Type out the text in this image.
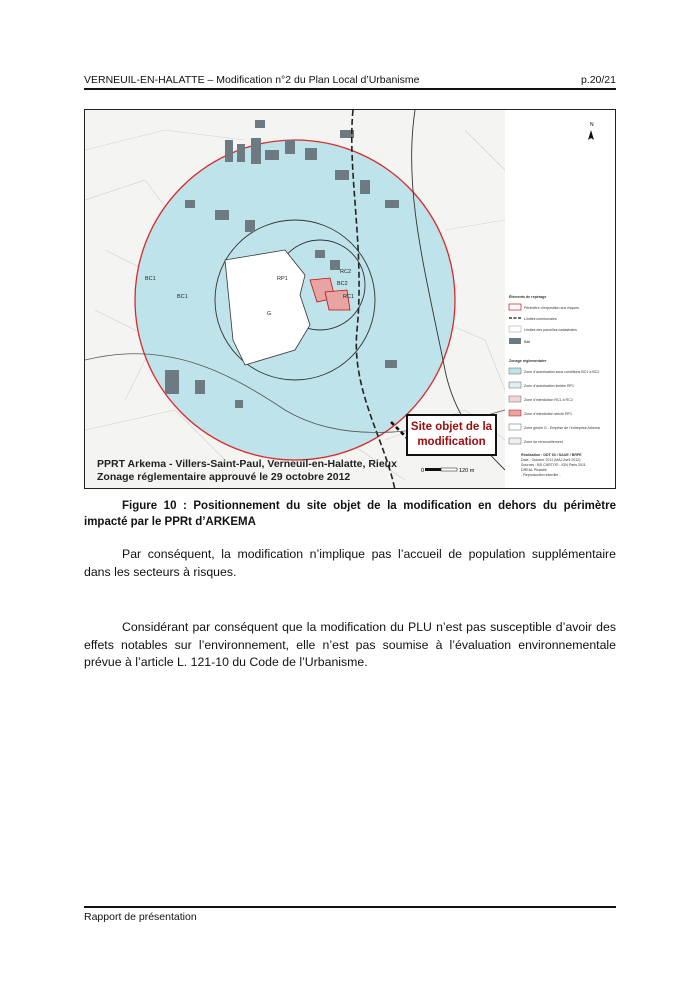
VERNEUIL-EN-HALATTE – Modification n°2 du Plan Local d’Urbanisme	p.20/21
G
BC1
BC2
RP1
RC1
RC2
BC1
0	120 m
N
Éléments de repérage
Périmètre d’exposition aux risques
Limites communales
Limites des parcelles cadastrales
Bâti
Zonage réglementaire
Zone d’autorisation sous conditions BC1 à BC2
Zone d’autorisation limitée RP1
Zone d’interdiction RC1 à RC2
Zone d’interdiction stricte RP1
Zone grisée G - Emprise de l’entreprise Arkema
Zone de renouvellement
Réalisation : DDT 60 / SAUE / BRPE
Date : Octobre 2011 (MAJ Avril 2012)
Sources : BD CARTO® - IGN Paris 2011
DREAL Picardie
- Reproduction interdite -
PPRT Arkema - Villers-Saint-Paul, Verneuil-en-Halatte, Rieux
Zonage réglementaire approuvé le 29 octobre 2012
Site objet de la
modification
Figure 10 : Positionnement du site objet de la modification en dehors du périmètre impacté par le PPRt d’ARKEMA
Par conséquent, la modification n’implique pas l’accueil de population supplémentaire dans les secteurs à risques.
Considérant par conséquent que la modification du PLU n’est pas susceptible d’avoir des effets notables sur l’environnement, elle n’est pas soumise à l’évaluation environnementale prévue à l’article L. 121-10 du Code de l’Urbanisme.
Rapport de présentation
